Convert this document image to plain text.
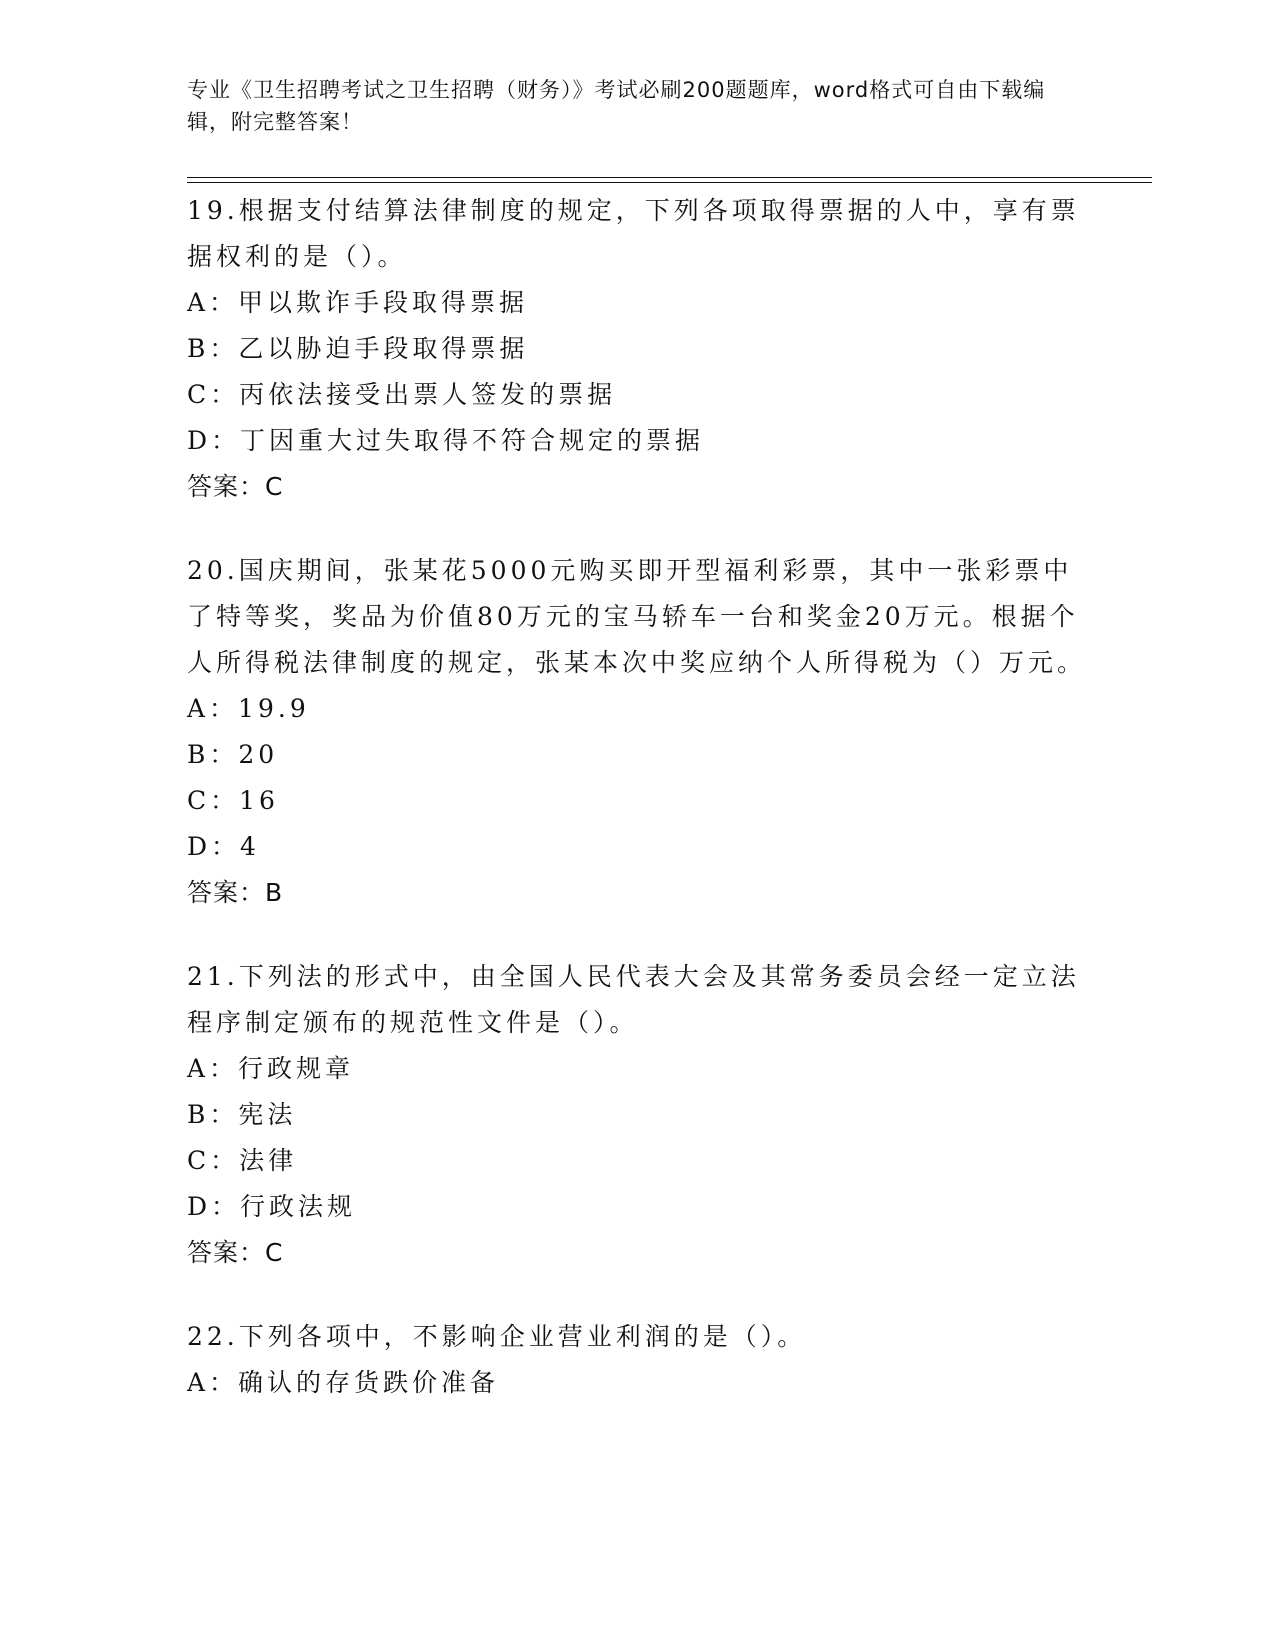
专业《卫生招聘考试之卫生招聘（财务）》考试必刷200题题库，word格式可自由下载编辑，附完整答案！

19.根据支付结算法律制度的规定，下列各项取得票据的人中，享有票据权利的是（）。

A：甲以欺诈手段取得票据

B：乙以胁迫手段取得票据

C：丙依法接受出票人签发的票据

D：丁因重大过失取得不符合规定的票据

答案：C

20.国庆期间，张某花5000元购买即开型福利彩票，其中一张彩票中了特等奖，奖品为价值80万元的宝马轿车一台和奖金20万元。根据个人所得税法律制度的规定，张某本次中奖应纳个人所得税为（）万元。

A：19.9

B：20

C：16

D：4

答案：B

21.下列法的形式中，由全国人民代表大会及其常务委员会经一定立法程序制定颁布的规范性文件是（）。

A：行政规章

B：宪法

C：法律

D：行政法规

答案：C

22.下列各项中，不影响企业营业利润的是（）。

A：确认的存货跌价准备
